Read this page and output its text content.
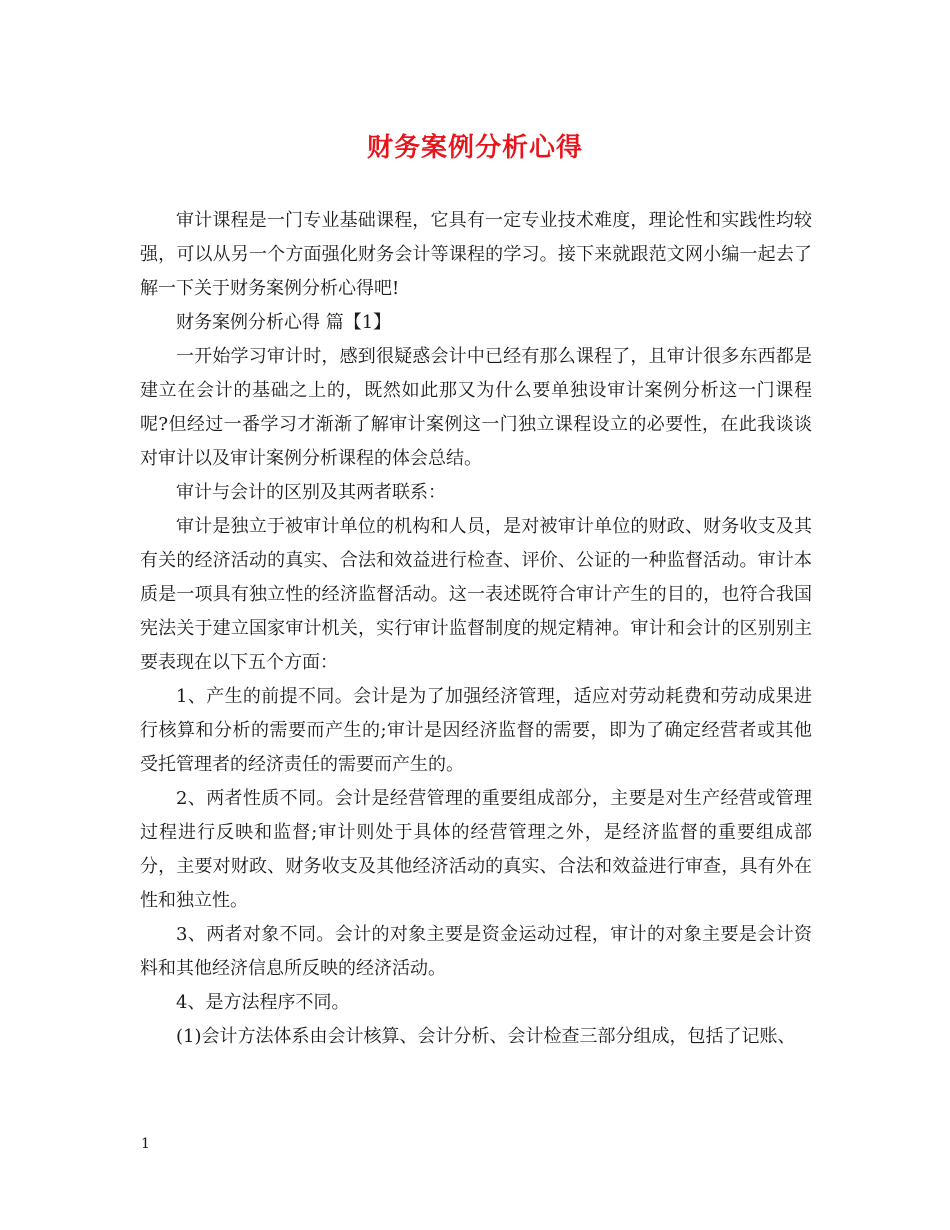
财务案例分析心得

审计课程是一门专业基础课程，它具有一定专业技术难度，理论性和实践性均较强，可以从另一个方面强化财务会计等课程的学习。接下来就跟范文网小编一起去了解一下关于财务案例分析心得吧!

财务案例分析心得 篇【1】

一开始学习审计时，感到很疑惑会计中已经有那么课程了，且审计很多东西都是建立在会计的基础之上的，既然如此那又为什么要单独设审计案例分析这一门课程呢?但经过一番学习才渐渐了解审计案例这一门独立课程设立的必要性，在此我谈谈对审计以及审计案例分析课程的体会总结。

审计与会计的区别及其两者联系：

审计是独立于被审计单位的机构和人员，是对被审计单位的财政、财务收支及其有关的经济活动的真实、合法和效益进行检查、评价、公证的一种监督活动。审计本质是一项具有独立性的经济监督活动。这一表述既符合审计产生的目的，也符合我国宪法关于建立国家审计机关，实行审计监督制度的规定精神。审计和会计的区别别主要表现在以下五个方面：

1、产生的前提不同。会计是为了加强经济管理，适应对劳动耗费和劳动成果进行核算和分析的需要而产生的;审计是因经济监督的需要，即为了确定经营者或其他受托管理者的经济责任的需要而产生的。

2、两者性质不同。会计是经营管理的重要组成部分，主要是对生产经营或管理过程进行反映和监督;审计则处于具体的经营管理之外，是经济监督的重要组成部分，主要对财政、财务收支及其他经济活动的真实、合法和效益进行审查，具有外在性和独立性。

3、两者对象不同。会计的对象主要是资金运动过程，审计的对象主要是会计资料和其他经济信息所反映的经济活动。

4、是方法程序不同。

(1)会计方法体系由会计核算、会计分析、会计检查三部分组成，包括了记账、

1
